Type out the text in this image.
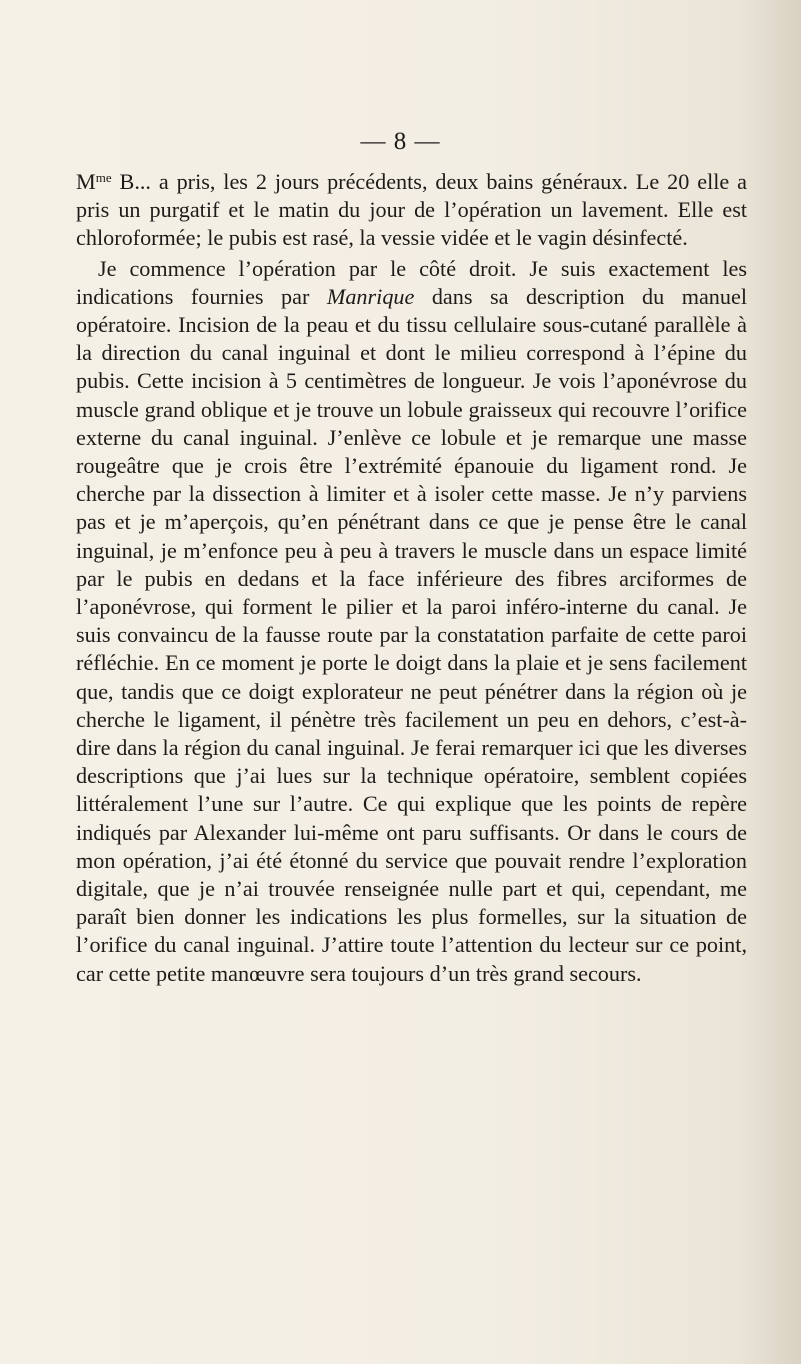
— 8 —

$M^{me}$ B... a pris, les 2 jours précédents, deux bains généraux. Le 20 elle a pris un purgatif et le matin du jour de l’opération un lavement. Elle est chloroformée; le pubis est rasé, la vessie vidée et le vagin désinfecté.

Je commence l’opération par le côté droit. Je suis exactement les indications fournies par Manrique dans sa description du manuel opératoire. Incision de la peau et du tissu cellulaire sous-cutané parallèle à la direction du canal inguinal et dont le milieu correspond à l’épine du pubis. Cette incision à 5 centimètres de longueur. Je vois l’aponévrose du muscle grand oblique et je trouve un lobule graisseux qui recouvre l’orifice externe du canal inguinal. J’enlève ce lobule et je remarque une masse rougeâtre que je crois être l’extrémité épanouie du ligament rond. Je cherche par la dissection à limiter et à isoler cette masse. Je n’y parviens pas et je m’aperçois, qu’en pénétrant dans ce que je pense être le canal inguinal, je m’enfonce peu à peu à travers le muscle dans un espace limité par le pubis en dedans et la face inférieure des fibres arciformes de l’aponévrose, qui forment le pilier et la paroi inféro-interne du canal. Je suis convaincu de la fausse route par la constatation parfaite de cette paroi réfléchie. En ce moment je porte le doigt dans la plaie et je sens facilement que, tandis que ce doigt explorateur ne peut pénétrer dans la région où je cherche le ligament, il pénètre très facilement un peu en dehors, c’est-à-dire dans la région du canal inguinal. Je ferai remarquer ici que les diverses descriptions que j’ai lues sur la technique opératoire, semblent copiées littéralement l’une sur l’autre. Ce qui explique que les points de repère indiqués par Alexander lui-même ont paru suffisants. Or dans le cours de mon opération, j’ai été étonné du service que pouvait rendre l’exploration digitale, que je n’ai trouvée renseignée nulle part et qui, cependant, me paraît bien donner les indications les plus formelles, sur la situation de l’orifice du canal inguinal. J’attire toute l’attention du lecteur sur ce point, car cette petite manœuvre sera toujours d’un très grand secours.
